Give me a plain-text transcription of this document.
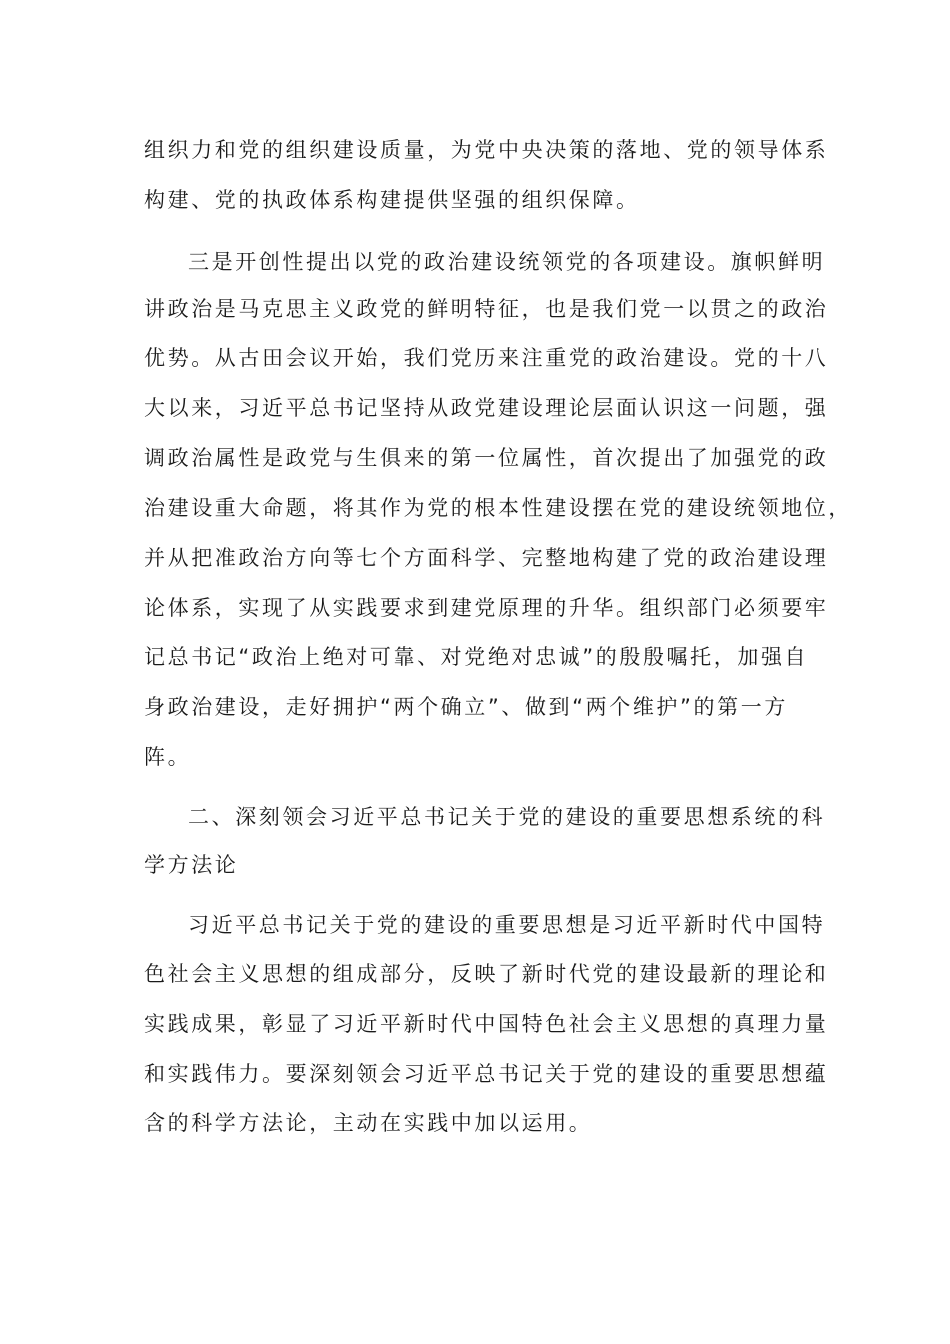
组织力和党的组织建设质量，为党中央决策的落地、党的领导体系
构建、党的执政体系构建提供坚强的组织保障。
三是开创性提出以党的政治建设统领党的各项建设。旗帜鲜明
讲政治是马克思主义政党的鲜明特征，也是我们党一以贯之的政治
优势。从古田会议开始，我们党历来注重党的政治建设。党的十八
大以来，习近平总书记坚持从政党建设理论层面认识这一问题，强
调政治属性是政党与生俱来的第一位属性，首次提出了加强党的政
治建设重大命题，将其作为党的根本性建设摆在党的建设统领地位，
并从把准政治方向等七个方面科学、完整地构建了党的政治建设理
论体系，实现了从实践要求到建党原理的升华。组织部门必须要牢
记总书记“政治上绝对可靠、对党绝对忠诚”的殷殷嘱托，加强自
身政治建设，走好拥护“两个确立”、做到“两个维护”的第一方
阵。
二、深刻领会习近平总书记关于党的建设的重要思想系统的科
学方法论
习近平总书记关于党的建设的重要思想是习近平新时代中国特
色社会主义思想的组成部分，反映了新时代党的建设最新的理论和
实践成果，彰显了习近平新时代中国特色社会主义思想的真理力量
和实践伟力。要深刻领会习近平总书记关于党的建设的重要思想蕴
含的科学方法论，主动在实践中加以运用。
